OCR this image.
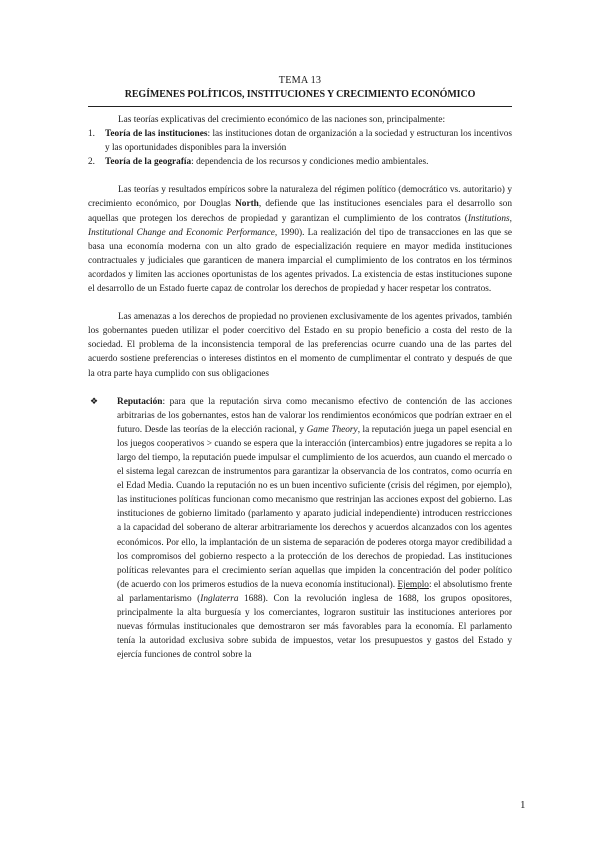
TEMA 13
REGÍMENES POLÍTICOS, INSTITUCIONES Y CRECIMIENTO ECONÓMICO

Las teorías explicativas del crecimiento económico de las naciones son, principalmente:

1. Teoría de las instituciones: las instituciones dotan de organización a la sociedad y estructuran los incentivos y las oportunidades disponibles para la inversión
2. Teoría de la geografía: dependencia de los recursos y condiciones medio ambientales.

Las teorías y resultados empíricos sobre la naturaleza del régimen político (democrático vs. autoritario) y crecimiento económico, por Douglas North, defiende que las instituciones esenciales para el desarrollo son aquellas que protegen los derechos de propiedad y garantizan el cumplimiento de los contratos (Institutions, Institutional Change and Economic Performance, 1990). La realización del tipo de transacciones en las que se basa una economía moderna con un alto grado de especialización requiere en mayor medida instituciones contractuales y judiciales que garanticen de manera imparcial el cumplimiento de los contratos en los términos acordados y limiten las acciones oportunistas de los agentes privados. La existencia de estas instituciones supone el desarrollo de un Estado fuerte capaz de controlar los derechos de propiedad y hacer respetar los contratos.

Las amenazas a los derechos de propiedad no provienen exclusivamente de los agentes privados, también los gobernantes pueden utilizar el poder coercitivo del Estado en su propio beneficio a costa del resto de la sociedad. El problema de la inconsistencia temporal de las preferencias ocurre cuando una de las partes del acuerdo sostiene preferencias o intereses distintos en el momento de cumplimentar el contrato y después de que la otra parte haya cumplido con sus obligaciones

❖ Reputación: para que la reputación sirva como mecanismo efectivo de contención de las acciones arbitrarias de los gobernantes, estos han de valorar los rendimientos económicos que podrían extraer en el futuro. Desde las teorías de la elección racional, y Game Theory, la reputación juega un papel esencial en los juegos cooperativos > cuando se espera que la interacción (intercambios) entre jugadores se repita a lo largo del tiempo, la reputación puede impulsar el cumplimiento de los acuerdos, aun cuando el mercado o el sistema legal carezcan de instrumentos para garantizar la observancia de los contratos, como ocurría en el Edad Media. Cuando la reputación no es un buen incentivo suficiente (crisis del régimen, por ejemplo), las instituciones políticas funcionan como mecanismo que restrinjan las acciones expost del gobierno. Las instituciones de gobierno limitado (parlamento y aparato judicial independiente) introducen restricciones a la capacidad del soberano de alterar arbitrariamente los derechos y acuerdos alcanzados con los agentes económicos. Por ello, la implantación de un sistema de separación de poderes otorga mayor credibilidad a los compromisos del gobierno respecto a la protección de los derechos de propiedad. Las instituciones políticas relevantes para el crecimiento serían aquellas que impiden la concentración del poder político (de acuerdo con los primeros estudios de la nueva economía institucional). Ejemplo: el absolutismo frente al parlamentarismo (Inglaterra 1688). Con la revolución inglesa de 1688, los grupos opositores, principalmente la alta burguesía y los comerciantes, lograron sustituir las instituciones anteriores por nuevas fórmulas institucionales que demostraron ser más favorables para la economía. El parlamento tenía la autoridad exclusiva sobre subida de impuestos, vetar los presupuestos y gastos del Estado y ejercía funciones de control sobre la

1
